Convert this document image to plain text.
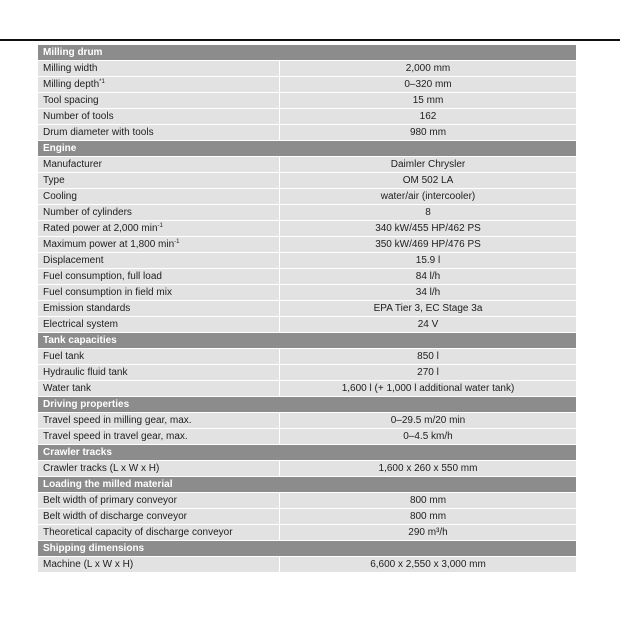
Milling drum
Milling width	2,000 mm
Milling depth$^{*1}$	0–320 mm
Tool spacing	15 mm
Number of tools	162
Drum diameter with tools	980 mm
Engine
Manufacturer	Daimler Chrysler
Type	OM 502 LA
Cooling	water/air (intercooler)
Number of cylinders	8
Rated power at 2,000 $\min^{-1}$	340 kW/455 HP/462 PS
Maximum power at 1,800 $\min^{-1}$	350 kW/469 HP/476 PS
Displacement	15.9 l
Fuel consumption, full load	84 l/h
Fuel consumption in field mix	34 l/h
Emission standards	EPA Tier 3, EC Stage 3a
Electrical system	24 V
Tank capacities
Fuel tank	850 l
Hydraulic fluid tank	270 l
Water tank	1,600 l (+ 1,000 l additional water tank)
Driving properties
Travel speed in milling gear, max.	0–29.5 m/20 min
Travel speed in travel gear, max.	0–4.5 km/h
Crawler tracks
Crawler tracks (L x W x H)	1,600 x 260 x 550 mm
Loading the milled material
Belt width of primary conveyor	800 mm
Belt width of discharge conveyor	800 mm
Theoretical capacity of discharge conveyor	290 m³/h
Shipping dimensions
Machine (L x W x H)	6,600 x 2,550 x 3,000 mm
